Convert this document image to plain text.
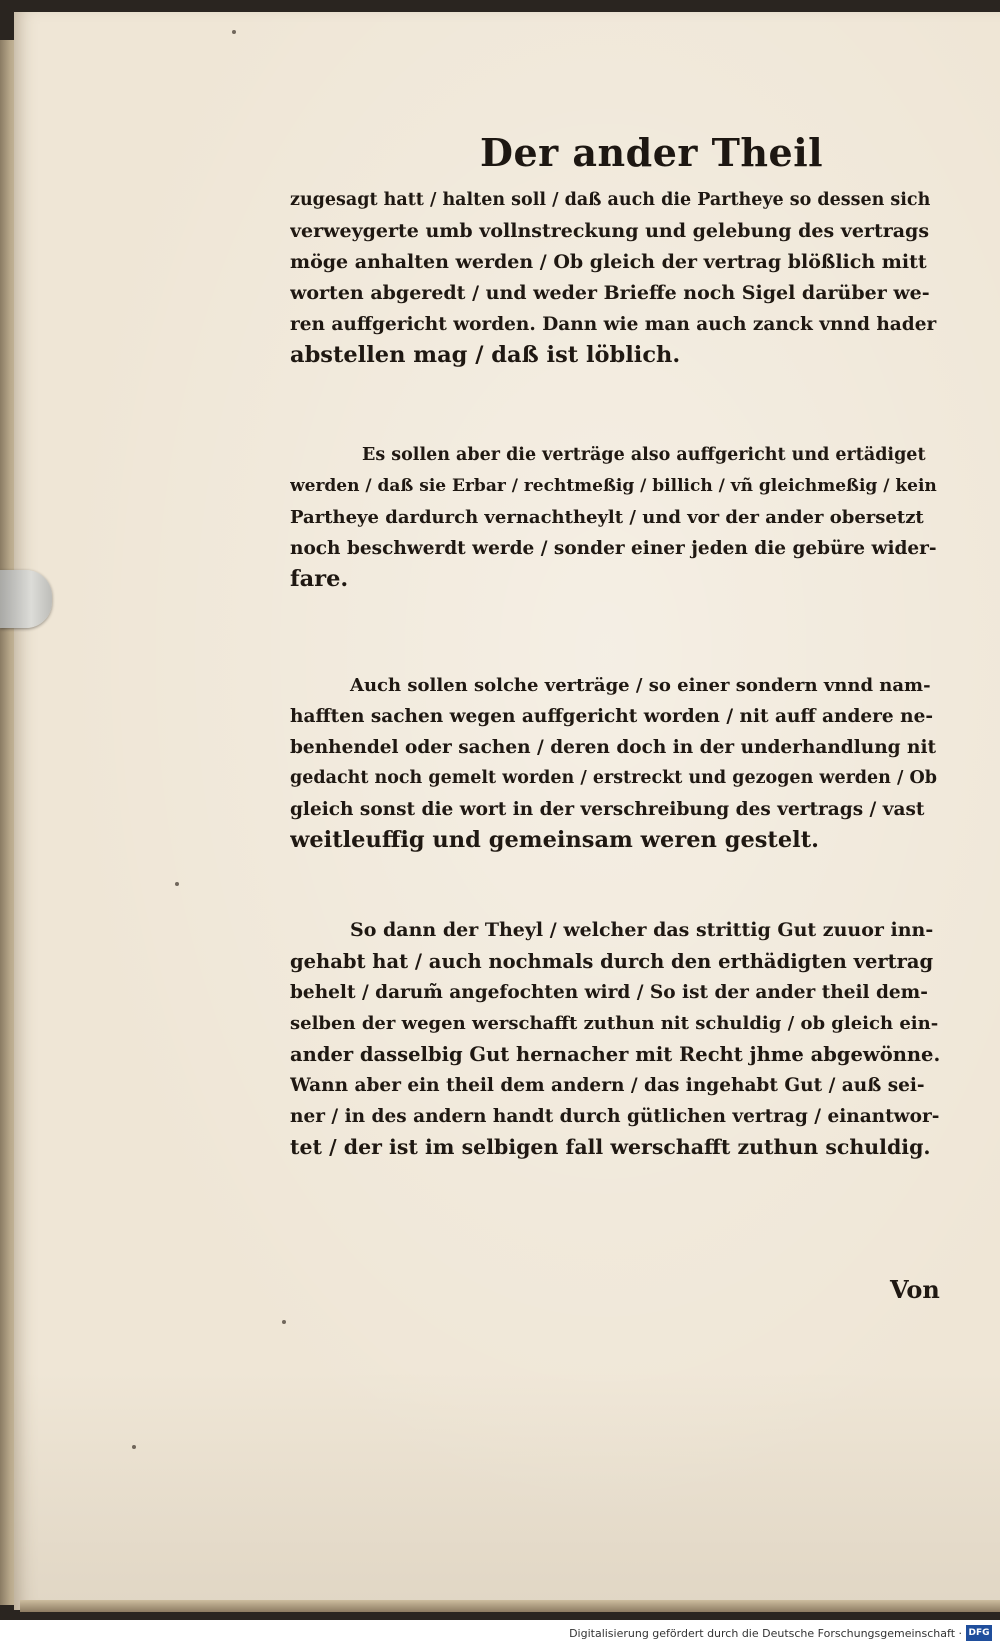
Der ander Theil
zugesagt hatt / halten soll / daß auch die Partheye so dessen sich
verweygerte umb vollnstreckung und gelebung des vertrags
möge anhalten werden / Ob gleich der vertrag blößlich mitt
worten abgeredt / und weder Brieffe noch Sigel darüber we-
ren auffgericht worden. Dann wie man auch zanck vnnd hader
abstellen mag / daß ist löblich.
Es sollen aber die verträge also auffgericht und ertädiget
werden / daß sie Erbar / rechtmeßig / billich / vñ gleichmeßig / kein
Partheye dardurch vernachtheylt / und vor der ander obersetzt
noch beschwerdt werde / sonder einer jeden die gebüre wider-
fare.
Auch sollen solche verträge / so einer sondern vnnd nam-
hafften sachen wegen auffgericht worden / nit auff andere ne-
benhendel oder sachen / deren doch in der underhandlung nit
gedacht noch gemelt worden / erstreckt und gezogen werden / Ob
gleich sonst die wort in der verschreibung des vertrags / vast
weitleuffig und gemeinsam weren gestelt.
So dann der Theyl / welcher das strittig Gut zuuor inn-
gehabt hat / auch nochmals durch den erthädigten vertrag
behelt / darum̃ angefochten wird / So ist der ander theil dem-
selben der wegen werschafft zuthun nit schuldig / ob gleich ein-
ander dasselbig Gut hernacher mit Recht jhme abgewönne.
Wann aber ein theil dem andern / das ingehabt Gut / auß sei-
ner / in des andern handt durch gütlichen vertrag / einantwor-
tet / der ist im selbigen fall werschafft zuthun schuldig.
Von
Digitalisierung gefördert durch die Deutsche Forschungsgemeinschaft · DFG
